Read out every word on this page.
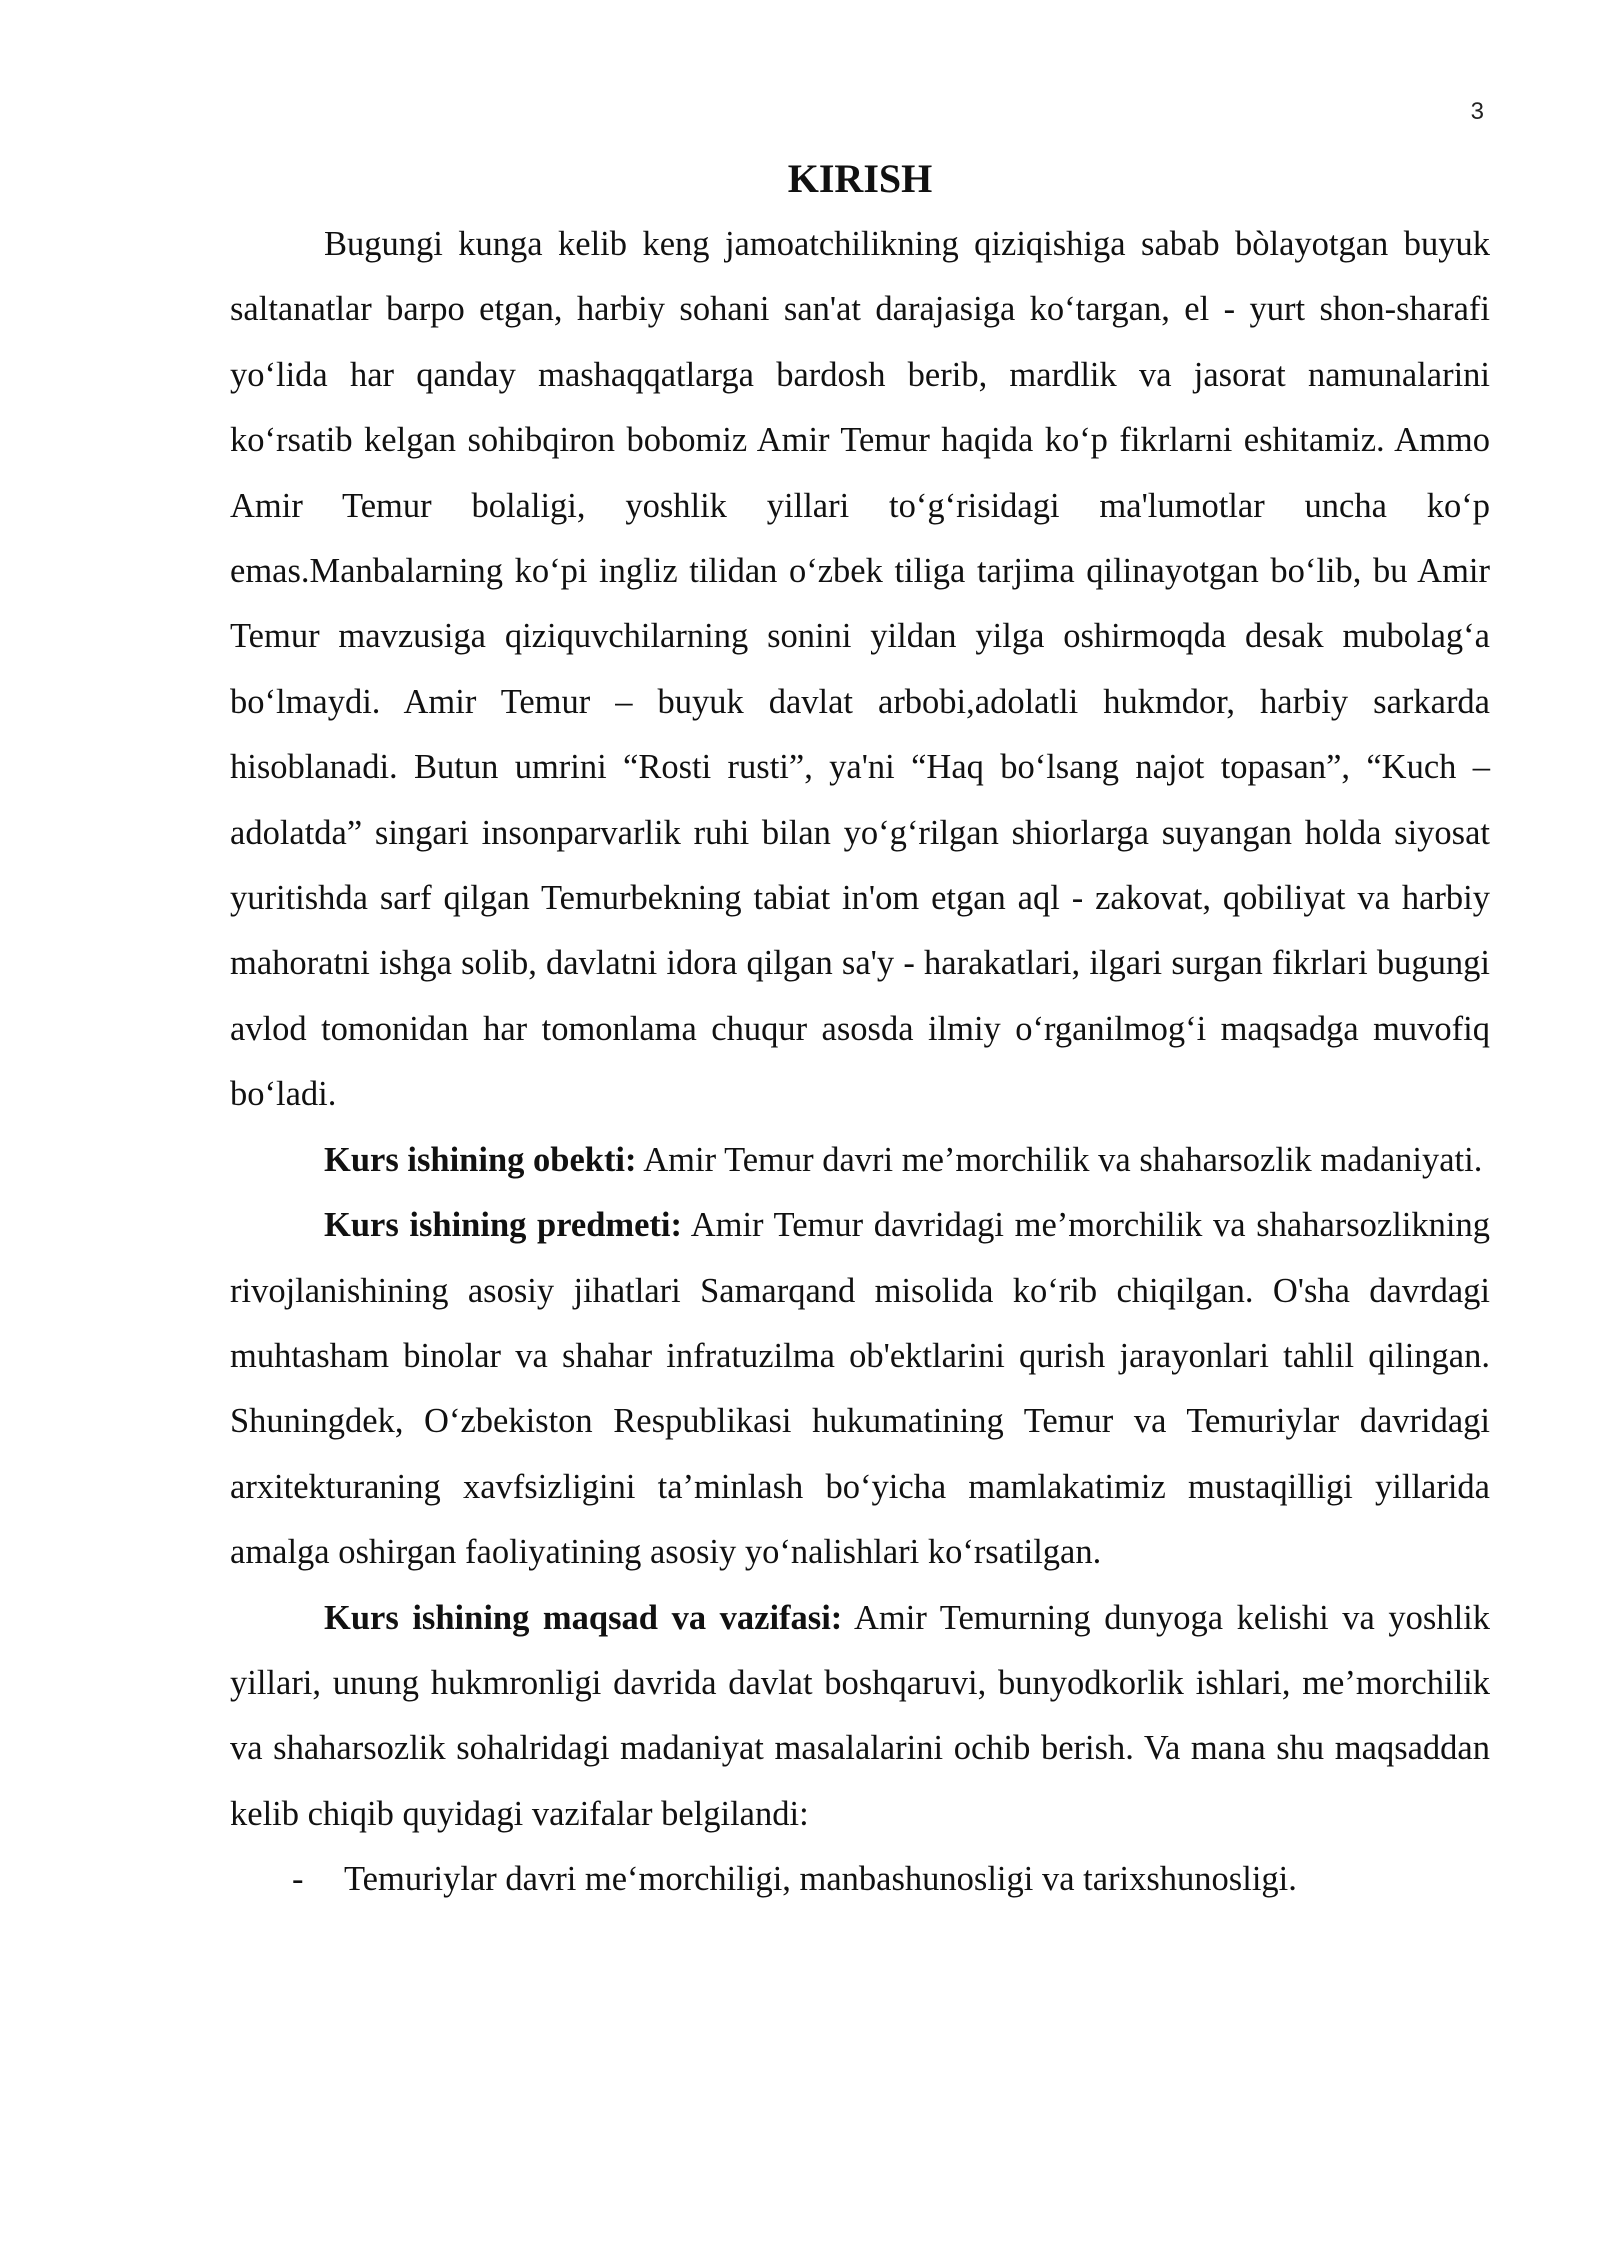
3
KIRISH

Bugungi kunga kelib keng jamoatchilikning qiziqishiga sabab bòlayotgan buyuk saltanatlar barpo etgan, harbiy sohani san'at darajasiga ko‘targan, el - yurt shon-sharafi yo‘lida har qanday mashaqqatlarga bardosh berib, mardlik va jasorat namunalarini ko‘rsatib kelgan sohibqiron bobomiz Amir Temur haqida ko‘p fikrlarni eshitamiz. Ammo Amir Temur bolaligi, yoshlik yillari to‘g‘risidagi ma'lumotlar uncha ko‘p emas.Manbalarning ko‘pi ingliz tilidan o‘zbek tiliga tarjima qilinayotgan bo‘lib, bu Amir Temur mavzusiga qiziquvchilarning sonini yildan yilga oshirmoqda desak mubolag‘a bo‘lmaydi. Amir Temur – buyuk davlat arbobi,adolatli hukmdor, harbiy sarkarda hisoblanadi. Butun umrini “Rosti rusti”, ya'ni “Haq bo‘lsang najot topasan”, “Kuch – adolatda” singari insonparvarlik ruhi bilan yo‘g‘rilgan shiorlarga suyangan holda siyosat yuritishda sarf qilgan Temurbekning tabiat in'om etgan aql - zakovat, qobiliyat va harbiy mahoratni ishga solib, davlatni idora qilgan sa'y - harakatlari, ilgari surgan fikrlari bugungi avlod tomonidan har tomonlama chuqur asosda ilmiy o‘rganilmog‘i maqsadga muvofiq bo‘ladi.

Kurs ishining obekti: Amir Temur davri me’morchilik va shaharsozlik madaniyati.

Kurs ishining predmeti: Amir Temur davridagi me’morchilik va shaharsozlikning rivojlanishining asosiy jihatlari Samarqand misolida ko‘rib chiqilgan. O'sha davrdagi muhtasham binolar va shahar infratuzilma ob'ektlarini qurish jarayonlari tahlil qilingan. Shuningdek, O‘zbekiston Respublikasi hukumatining Temur va Temuriylar davridagi arxitekturaning xavfsizligini ta’minlash bo‘yicha mamlakatimiz mustaqilligi yillarida amalga oshirgan faoliyatining asosiy yo‘nalishlari ko‘rsatilgan.

Kurs ishining maqsad va vazifasi: Amir Temurning dunyoga kelishi va yoshlik yillari, unung hukmronligi davrida davlat boshqaruvi, bunyodkorlik ishlari, me’morchilik va shaharsozlik sohalridagi madaniyat masalalarini ochib berish. Va mana shu maqsaddan kelib chiqib quyidagi vazifalar belgilandi:

- Temuriylar davri me‘morchiligi, manbashunosligi va tarixshunosligi.
